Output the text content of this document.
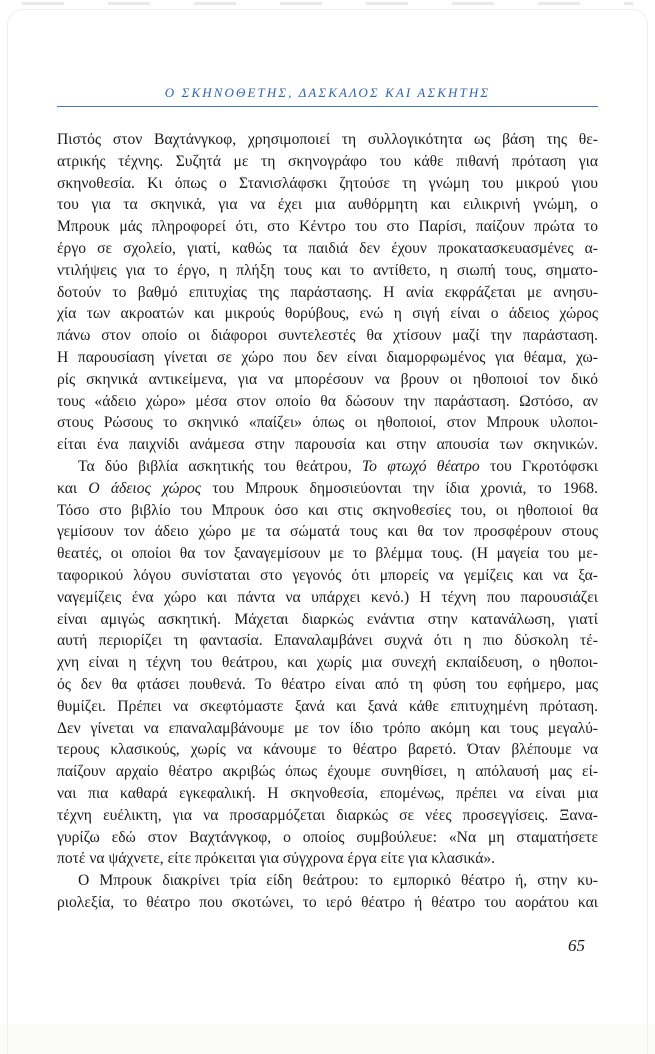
Ο ΣΚΗΝΟΘΕΤΗΣ, ΔΑΣΚΑΛΟΣ ΚΑΙ ΑΣΚΗΤΗΣ
Πιστός στον Βαχτάνγκοφ, χρησιμοποιεί τη συλλογικότητα ως βάση της θε-
ατρικής τέχνης. Συζητά με τη σκηνογράφο του κάθε πιθανή πρόταση για
σκηνοθεσία. Κι όπως ο Στανισλάφσκι ζητούσε τη γνώμη του μικρού γιου
του για τα σκηνικά, για να έχει μια αυθόρμητη και ειλικρινή γνώμη, ο
Μπρουκ μάς πληροφορεί ότι, στο Κέντρο του στο Παρίσι, παίζουν πρώτα το
έργο σε σχολείο, γιατί, καθώς τα παιδιά δεν έχουν προκατασκευασμένες α-
ντιλήψεις για το έργο, η πλήξη τους και το αντίθετο, η σιωπή τους, σηματο-
δοτούν το βαθμό επιτυχίας της παράστασης. Η ανία εκφράζεται με ανησυ-
χία των ακροατών και μικρούς θορύβους, ενώ η σιγή είναι ο άδειος χώρος
πάνω στον οποίο οι διάφοροι συντελεστές θα χτίσουν μαζί την παράσταση.
Η παρουσίαση γίνεται σε χώρο που δεν είναι διαμορφωμένος για θέαμα, χω-
ρίς σκηνικά αντικείμενα, για να μπορέσουν να βρουν οι ηθοποιοί τον δικό
τους «άδειο χώρο» μέσα στον οποίο θα δώσουν την παράσταση. Ωστόσο, αν
στους Ρώσους το σκηνικό «παίζει» όπως οι ηθοποιοί, στον Μπρουκ υλοποι-
είται ένα παιχνίδι ανάμεσα στην παρουσία και στην απουσία των σκηνικών.
Τα δύο βιβλία ασκητικής του θεάτρου, Το φτωχό θέατρο του Γκροτόφσκι
και Ο άδειος χώρος του Μπρουκ δημοσιεύονται την ίδια χρονιά, το 1968.
Τόσο στο βιβλίο του Μπρουκ όσο και στις σκηνοθεσίες του, οι ηθοποιοί θα
γεμίσουν τον άδειο χώρο με τα σώματά τους και θα τον προσφέρουν στους
θεατές, οι οποίοι θα τον ξαναγεμίσουν με το βλέμμα τους. (Η μαγεία του με-
ταφορικού λόγου συνίσταται στο γεγονός ότι μπορείς να γεμίζεις και να ξα-
ναγεμίζεις ένα χώρο και πάντα να υπάρχει κενό.) Η τέχνη που παρουσιάζει
είναι αμιγώς ασκητική. Μάχεται διαρκώς ενάντια στην κατανάλωση, γιατί
αυτή περιορίζει τη φαντασία. Επαναλαμβάνει συχνά ότι η πιο δύσκολη τέ-
χνη είναι η τέχνη του θεάτρου, και χωρίς μια συνεχή εκπαίδευση, ο ηθοποι-
ός δεν θα φτάσει πουθενά. Το θέατρο είναι από τη φύση του εφήμερο, μας
θυμίζει. Πρέπει να σκεφτόμαστε ξανά και ξανά κάθε επιτυχημένη πρόταση.
Δεν γίνεται να επαναλαμβάνουμε με τον ίδιο τρόπο ακόμη και τους μεγαλύ-
τερους κλασικούς, χωρίς να κάνουμε το θέατρο βαρετό. Όταν βλέπουμε να
παίζουν αρχαίο θέατρο ακριβώς όπως έχουμε συνηθίσει, η απόλαυσή μας εί-
ναι πια καθαρά εγκεφαλική. Η σκηνοθεσία, επομένως, πρέπει να είναι μια
τέχνη ευέλικτη, για να προσαρμόζεται διαρκώς σε νέες προσεγγίσεις. Ξανα-
γυρίζω εδώ στον Βαχτάνγκοφ, ο οποίος συμβούλευε: «Να μη σταματήσετε
ποτέ να ψάχνετε, είτε πρόκειται για σύγχρονα έργα είτε για κλασικά».
Ο Μπρουκ διακρίνει τρία είδη θεάτρου: το εμπορικό θέατρο ή, στην κυ-
ριολεξία, το θέατρο που σκοτώνει, το ιερό θέατρο ή θέατρο του αοράτου και
65
